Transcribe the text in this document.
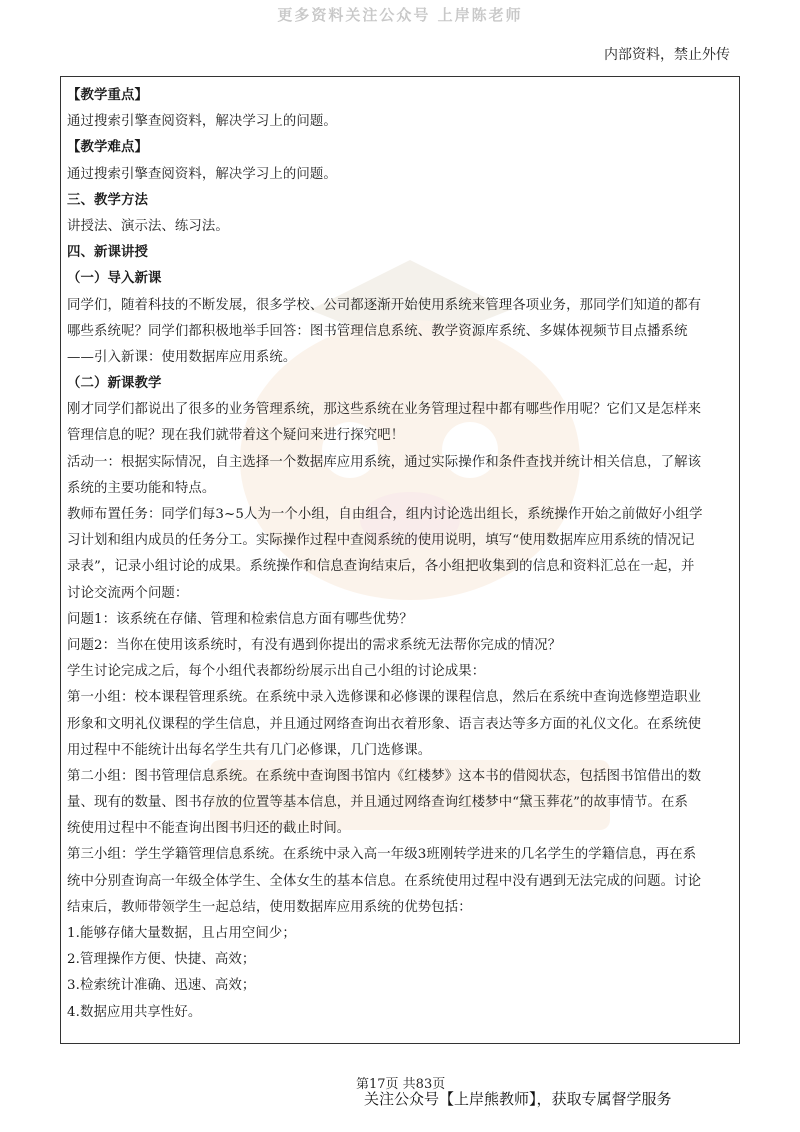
更多资料关注公众号 上岸陈老师
内部资料，禁止外传
【教学重点】
通过搜索引擎查阅资料，解决学习上的问题。
【教学难点】
通过搜索引擎查阅资料，解决学习上的问题。
三、教学方法
讲授法、演示法、练习法。
四、新课讲授
（一）导入新课
同学们，随着科技的不断发展，很多学校、公司都逐渐开始使用系统来管理各项业务，那同学们知道的都有
哪些系统呢？同学们都积极地举手回答：图书管理信息系统、教学资源库系统、多媒体视频节目点播系统
——引入新课：使用数据库应用系统。
（二）新课教学
刚才同学们都说出了很多的业务管理系统，那这些系统在业务管理过程中都有哪些作用呢？它们又是怎样来
管理信息的呢？现在我们就带着这个疑问来进行探究吧！
活动一：根据实际情况，自主选择一个数据库应用系统，通过实际操作和条件查找并统计相关信息，了解该
系统的主要功能和特点。
教师布置任务：同学们每3~5人为一个小组，自由组合，组内讨论选出组长，系统操作开始之前做好小组学
习计划和组内成员的任务分工。实际操作过程中查阅系统的使用说明，填写“使用数据库应用系统的情况记
录表”，记录小组讨论的成果。系统操作和信息查询结束后，各小组把收集到的信息和资料汇总在一起，并
讨论交流两个问题：
问题1：该系统在存储、管理和检索信息方面有哪些优势？
问题2：当你在使用该系统时，有没有遇到你提出的需求系统无法帮你完成的情况？
学生讨论完成之后，每个小组代表都纷纷展示出自己小组的讨论成果：
第一小组：校本课程管理系统。在系统中录入选修课和必修课的课程信息，然后在系统中查询选修塑造职业
形象和文明礼仪课程的学生信息，并且通过网络查询出衣着形象、语言表达等多方面的礼仪文化。在系统使
用过程中不能统计出每名学生共有几门必修课，几门选修课。
第二小组：图书管理信息系统。在系统中查询图书馆内《红楼梦》这本书的借阅状态，包括图书馆借出的数
量、现有的数量、图书存放的位置等基本信息，并且通过网络查询红楼梦中“黛玉葬花”的故事情节。在系
统使用过程中不能查询出图书归还的截止时间。
第三小组：学生学籍管理信息系统。在系统中录入高一年级3班刚转学进来的几名学生的学籍信息，再在系
统中分别查询高一年级全体学生、全体女生的基本信息。在系统使用过程中没有遇到无法完成的问题。讨论
结束后，教师带领学生一起总结，使用数据库应用系统的优势包括：
1.能够存储大量数据，且占用空间少；
2.管理操作方便、快捷、高效；
3.检索统计准确、迅速、高效；
4.数据应用共享性好。
第17页 共83页
关注公众号【上岸熊教师】，获取专属督学服务
